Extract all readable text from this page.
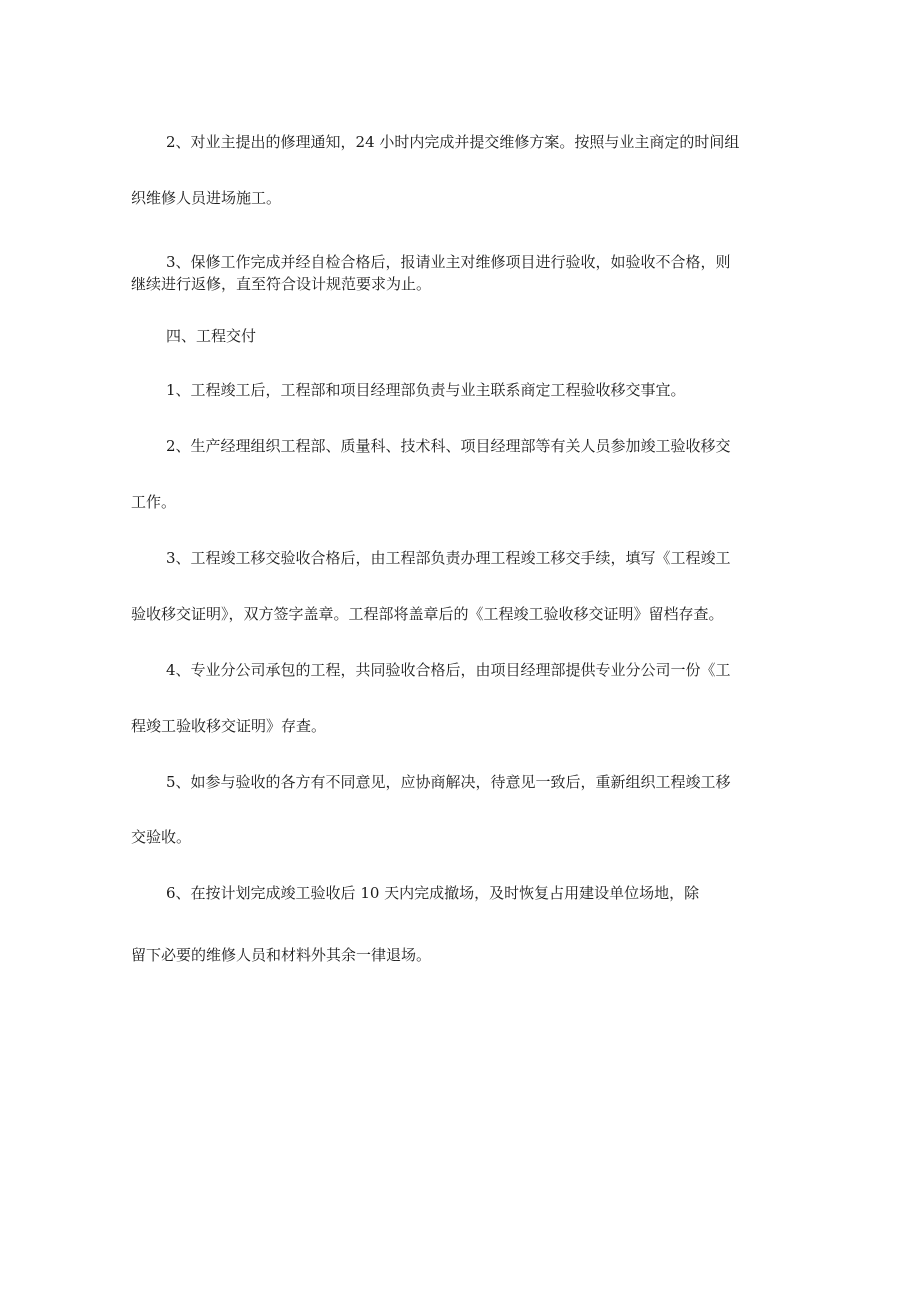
2、对业主提出的修理通知，24 小时内完成并提交维修方案。按照与业主商定的时间组
织维修人员进场施工。
3、保修工作完成并经自检合格后，报请业主对维修项目进行验收，如验收不合格，则
继续进行返修，直至符合设计规范要求为止。
四、工程交付
1、工程竣工后，工程部和项目经理部负责与业主联系商定工程验收移交事宜。
2、生产经理组织工程部、质量科、技术科、项目经理部等有关人员参加竣工验收移交
工作。
3、工程竣工移交验收合格后，由工程部负责办理工程竣工移交手续，填写《工程竣工
验收移交证明》，双方签字盖章。工程部将盖章后的《工程竣工验收移交证明》留档存查。
4、专业分公司承包的工程，共同验收合格后，由项目经理部提供专业分公司一份《工
程竣工验收移交证明》存查。
5、如参与验收的各方有不同意见，应协商解决，待意见一致后，重新组织工程竣工移
交验收。
6、在按计划完成竣工验收后 10 天内完成撤场，及时恢复占用建设单位场地，除
留下必要的维修人员和材料外其余一律退场。
